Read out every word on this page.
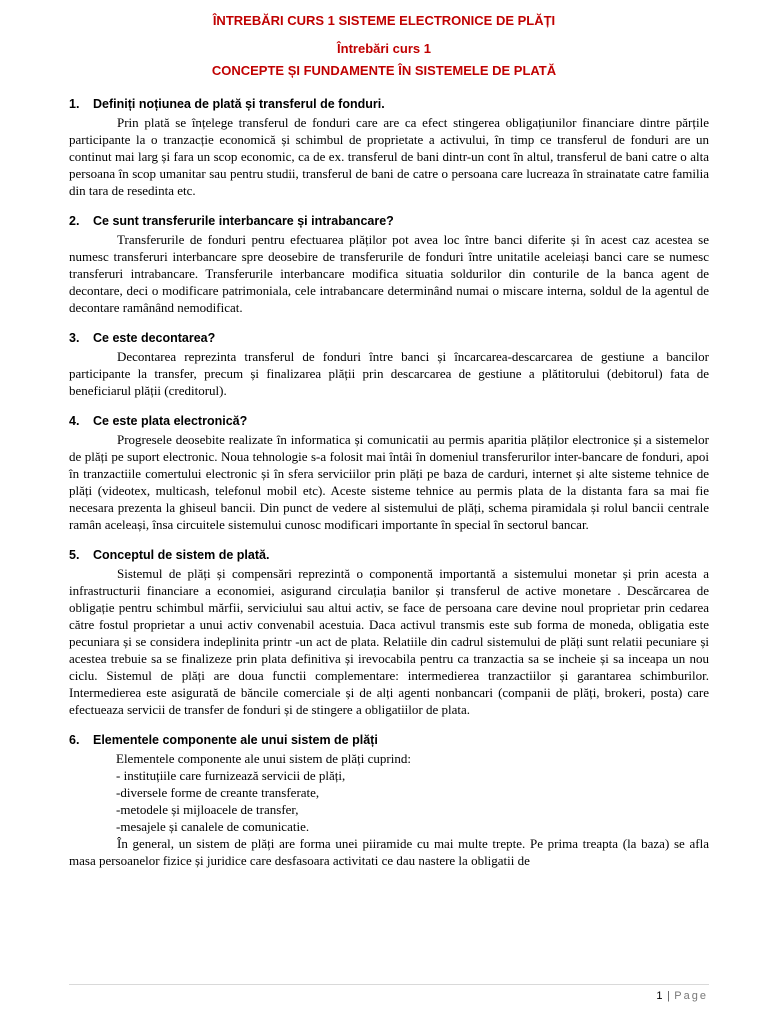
ÎNTREBĂRI CURS 1 SISTEME ELECTRONICE DE PLĂȚI

Întrebări curs 1

CONCEPTE ȘI FUNDAMENTE ÎN SISTEMELE DE PLATĂ

1. Definiți noțiunea de plată și transferul de fonduri.

Prin plată se înțelege transferul de fonduri care are ca efect stingerea obligațiunilor financiare dintre părțile participante la o tranzacție economică și schimbul de proprietate a activului, în timp ce transferul de fonduri are un continut mai larg și fara un scop economic, ca de ex. transferul de bani dintr-un cont în altul, transferul de bani catre o alta persoana în scop umanitar sau pentru studii, transferul de bani de catre o persoana care lucreaza în strainatate catre familia din tara de resedinta etc.

2. Ce sunt transferurile interbancare și intrabancare?

Transferurile de fonduri pentru efectuarea plăților pot avea loc între banci diferite și în acest caz acestea se numesc transferuri interbancare spre deosebire de transferurile de fonduri între unitatile aceleiași banci care se numesc transferuri intrabancare. Transferurile interbancare modifica situatia soldurilor din conturile de la banca agent de decontare, deci o modificare patrimoniala, cele intrabancare determinând numai o miscare interna, soldul de la agentul de decontare ramânând nemodificat.

3. Ce este decontarea?

Decontarea reprezinta transferul de fonduri între banci și încarcarea-descarcarea de gestiune a bancilor participante la transfer, precum și finalizarea plății prin descarcarea de gestiune a plătitorului (debitorul) fata de beneficiarul plății (creditorul).

4. Ce este plata electronică?

Progresele deosebite realizate în informatica și comunicatii au permis aparitia plăților electronice și a sistemelor de plăți pe suport electronic. Noua tehnologie s-a folosit mai întâi în domeniul transferurilor inter-bancare de fonduri, apoi în tranzactiile comertului electronic și în sfera serviciilor prin plăți pe baza de carduri, internet și alte sisteme tehnice de plăți (videotex, multicash, telefonul mobil etc). Aceste sisteme tehnice au permis plata de la distanta fara sa mai fie necesara prezenta la ghiseul bancii. Din punct de vedere al sistemului de plăți, schema piramidala și rolul bancii centrale ramân aceleași, însa circuitele sistemului cunosc modificari importante în special în sectorul bancar.

5. Conceptul de sistem de plată.

Sistemul de plăți și compensări reprezintă o componentă importantă a sistemului monetar și prin acesta a infrastructurii financiare a economiei, asigurand circulația banilor și transferul de active monetare . Descărcarea de obligație pentru schimbul mărfii, serviciului sau altui activ, se face de persoana care devine noul proprietar prin cedarea către fostul proprietar a unui activ convenabil acestuia. Daca activul transmis este sub forma de moneda, obligatia este pecuniara și se considera indeplinita printr -un act de plata. Relatiile din cadrul sistemului de plăți sunt relatii pecuniare și acestea trebuie sa se finalizeze prin plata definitiva și irevocabila pentru ca tranzactia sa se incheie și sa inceapa un nou ciclu. Sistemul de plăți are doua functii complementare: intermedierea tranzactiilor și garantarea schimburilor. Intermedierea este asigurată de băncile comerciale și de alți agenti nonbancari (companii de plăți, brokeri, posta) care efectueaza servicii de transfer de fonduri și de stingere a obligatiilor de plata.

6. Elementele componente ale unui sistem de plăți

Elementele componente ale unui sistem de plăți cuprind:
- instituțiile care furnizează servicii de plăți,
-diversele forme de creante transferate,
-metodele și mijloacele de transfer,
-mesajele și canalele de comunicatie.

În general, un sistem de plăți are forma unei piiramide cu mai multe trepte. Pe prima treapta (la baza) se afla masa persoanelor fizice și juridice care desfasoara activitati ce dau nastere la obligatii de

1 | Page
